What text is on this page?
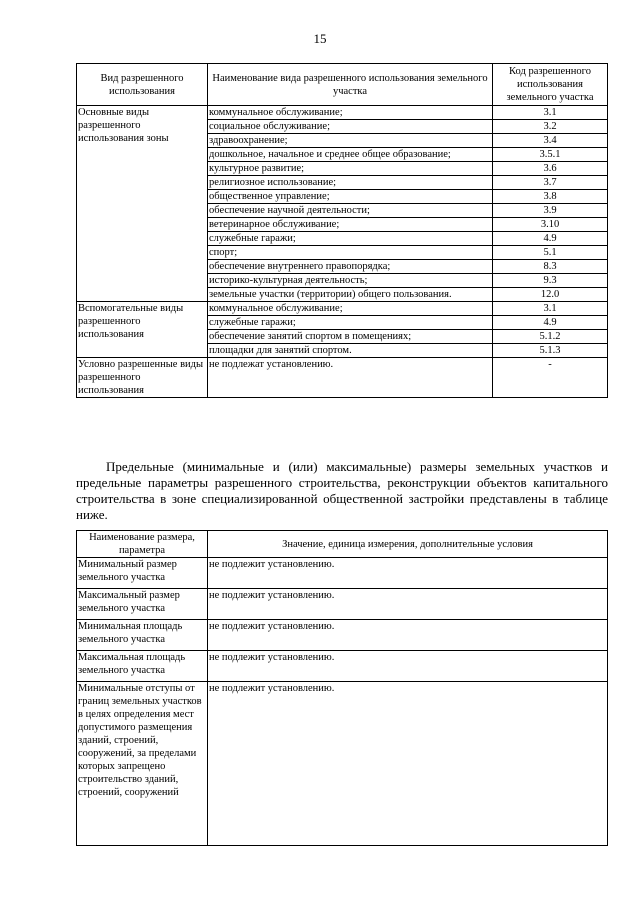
15
Вид разрешенного использования	Наименование вида разрешенного использования земельного участка	Код разрешенного использования земельного участка
Основные виды разрешенного использования зоны	коммунальное обслуживание;	3.1
	социальное обслуживание;	3.2
	здравоохранение;	3.4
	дошкольное, начальное и среднее общее образование;	3.5.1
	культурное развитие;	3.6
	религиозное использование;	3.7
	общественное управление;	3.8
	обеспечение научной деятельности;	3.9
	ветеринарное обслуживание;	3.10
	служебные гаражи;	4.9
	спорт;	5.1
	обеспечение внутреннего правопорядка;	8.3
	историко-культурная деятельность;	9.3
	земельные участки (территории) общего пользования.	12.0
Вспомогательные виды разрешенного использования	коммунальное обслуживание;	3.1
	служебные гаражи;	4.9
	обеспечение занятий спортом в помещениях;	5.1.2
	площадки для занятий спортом.	5.1.3
Условно разрешенные виды разрешенного использования	не подлежат установлению.	-

Предельные (минимальные и (или) максимальные) размеры земельных участков и предельные параметры разрешенного строительства, реконструкции объектов капитального строительства в зоне специализированной общественной застройки представлены в таблице ниже.

Наименование размера, параметра	Значение, единица измерения, дополнительные условия
Минимальный размер земельного участка	не подлежит установлению.
Максимальный размер земельного участка	не подлежит установлению.
Минимальная площадь земельного участка	не подлежит установлению.
Максимальная площадь земельного участка	не подлежит установлению.
Минимальные отступы от границ земельных участков в целях определения мест допустимого размещения зданий, строений, сооружений, за пределами которых запрещено строительство зданий, строений, сооружений	не подлежит установлению.
